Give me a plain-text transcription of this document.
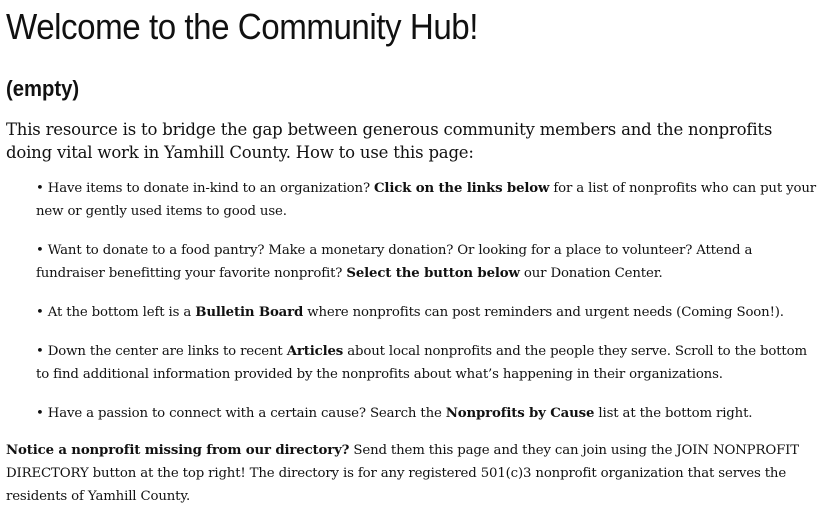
Welcome to the Community Hub!
(empty)

This resource is to bridge the gap between generous community members and the nonprofits doing vital work in Yamhill County. How to use this page:

• Have items to donate in-kind to an organization? Click on the links below for a list of nonprofits who can put your new or gently used items to good use.
• Want to donate to a food pantry? Make a monetary donation? Or looking for a place to volunteer? Attend a fundraiser benefitting your favorite nonprofit? Select the button below our Donation Center.
• At the bottom left is a Bulletin Board where nonprofits can post reminders and urgent needs (Coming Soon!).
• Down the center are links to recent Articles about local nonprofits and the people they serve. Scroll to the bottom to find additional information provided by the nonprofits about what’s happening in their organizations.
• Have a passion to connect with a certain cause? Search the Nonprofits by Cause list at the bottom right.

Notice a nonprofit missing from our directory? Send them this page and they can join using the JOIN NONPROFIT DIRECTORY button at the top right! The directory is for any registered 501(c)3 nonprofit organization that serves the residents of Yamhill County.
